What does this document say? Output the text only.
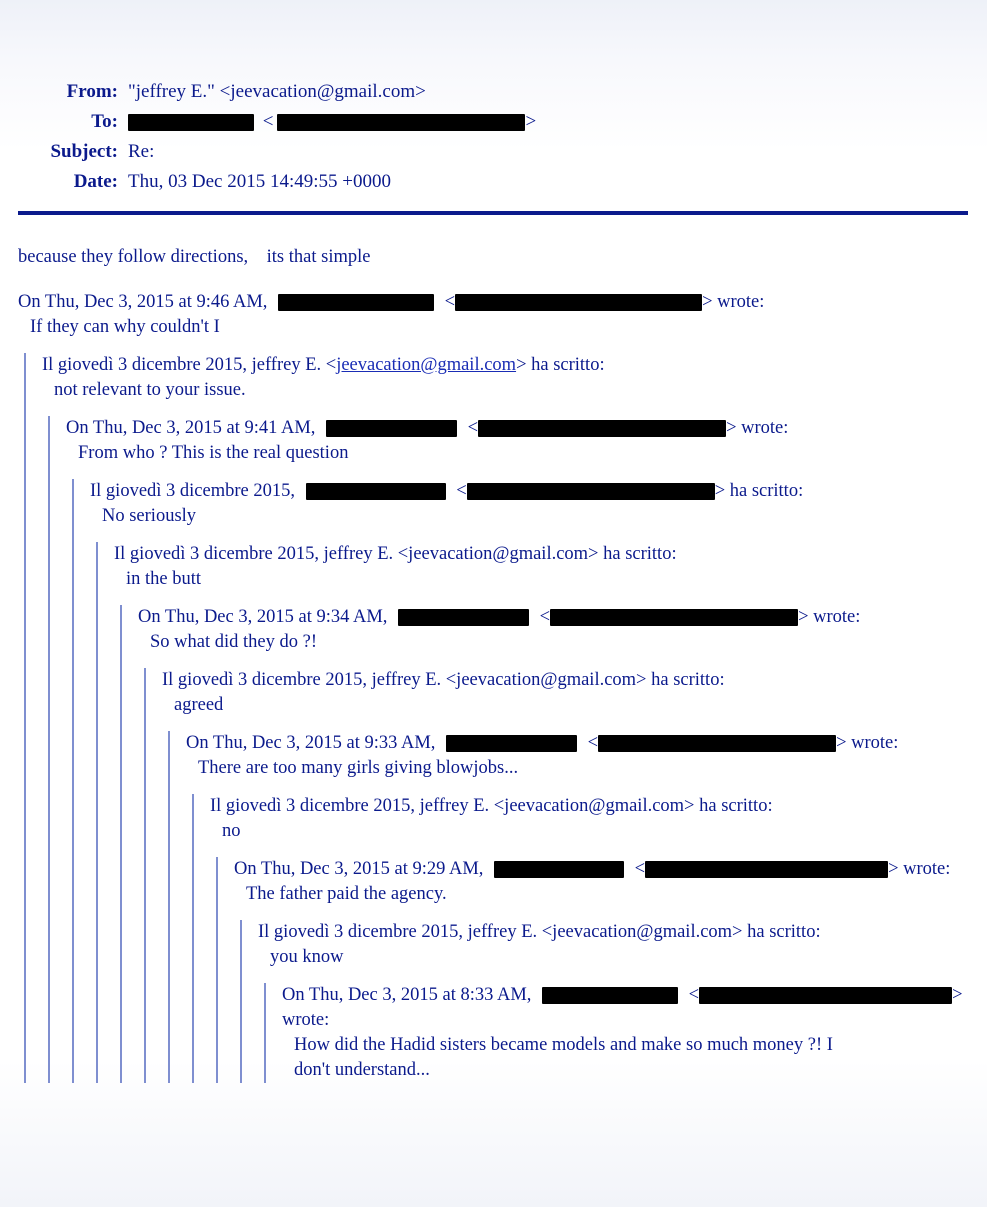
From: "jeffrey E." <jeevacation@gmail.com>
To:	<	>
Subject: Re:
Date: Thu, 03 Dec 2015 14:49:55 +0000
because they follow directions,    its that simple
On Thu, Dec 3, 2015 at 9:46 AM,	<	> wrote:
If they can why couldn't I
Il giovedì 3 dicembre 2015, jeffrey E. <jeevacation@gmail.com> ha scritto:
not relevant to your issue.
On Thu, Dec 3, 2015 at 9:41 AM,	<	> wrote:
From who ? This is the real question
Il giovedì 3 dicembre 2015,	<	> ha scritto:
No seriously
Il giovedì 3 dicembre 2015, jeffrey E. <jeevacation@gmail.com> ha scritto:
in the butt
On Thu, Dec 3, 2015 at 9:34 AM,	<	> wrote:
So what did they do ?!
Il giovedì 3 dicembre 2015, jeffrey E. <jeevacation@gmail.com> ha scritto:
agreed
On Thu, Dec 3, 2015 at 9:33 AM,	<	> wrote:
There are too many girls giving blowjobs...
Il giovedì 3 dicembre 2015, jeffrey E. <jeevacation@gmail.com> ha scritto:
no
On Thu, Dec 3, 2015 at 9:29 AM,	<	> wrote:
The father paid the agency.
Il giovedì 3 dicembre 2015, jeffrey E. <jeevacation@gmail.com> ha scritto:
you know
On Thu, Dec 3, 2015 at 8:33 AM,	<	>
wrote:
How did the Hadid sisters became models and make so much money ?! I don't understand...
